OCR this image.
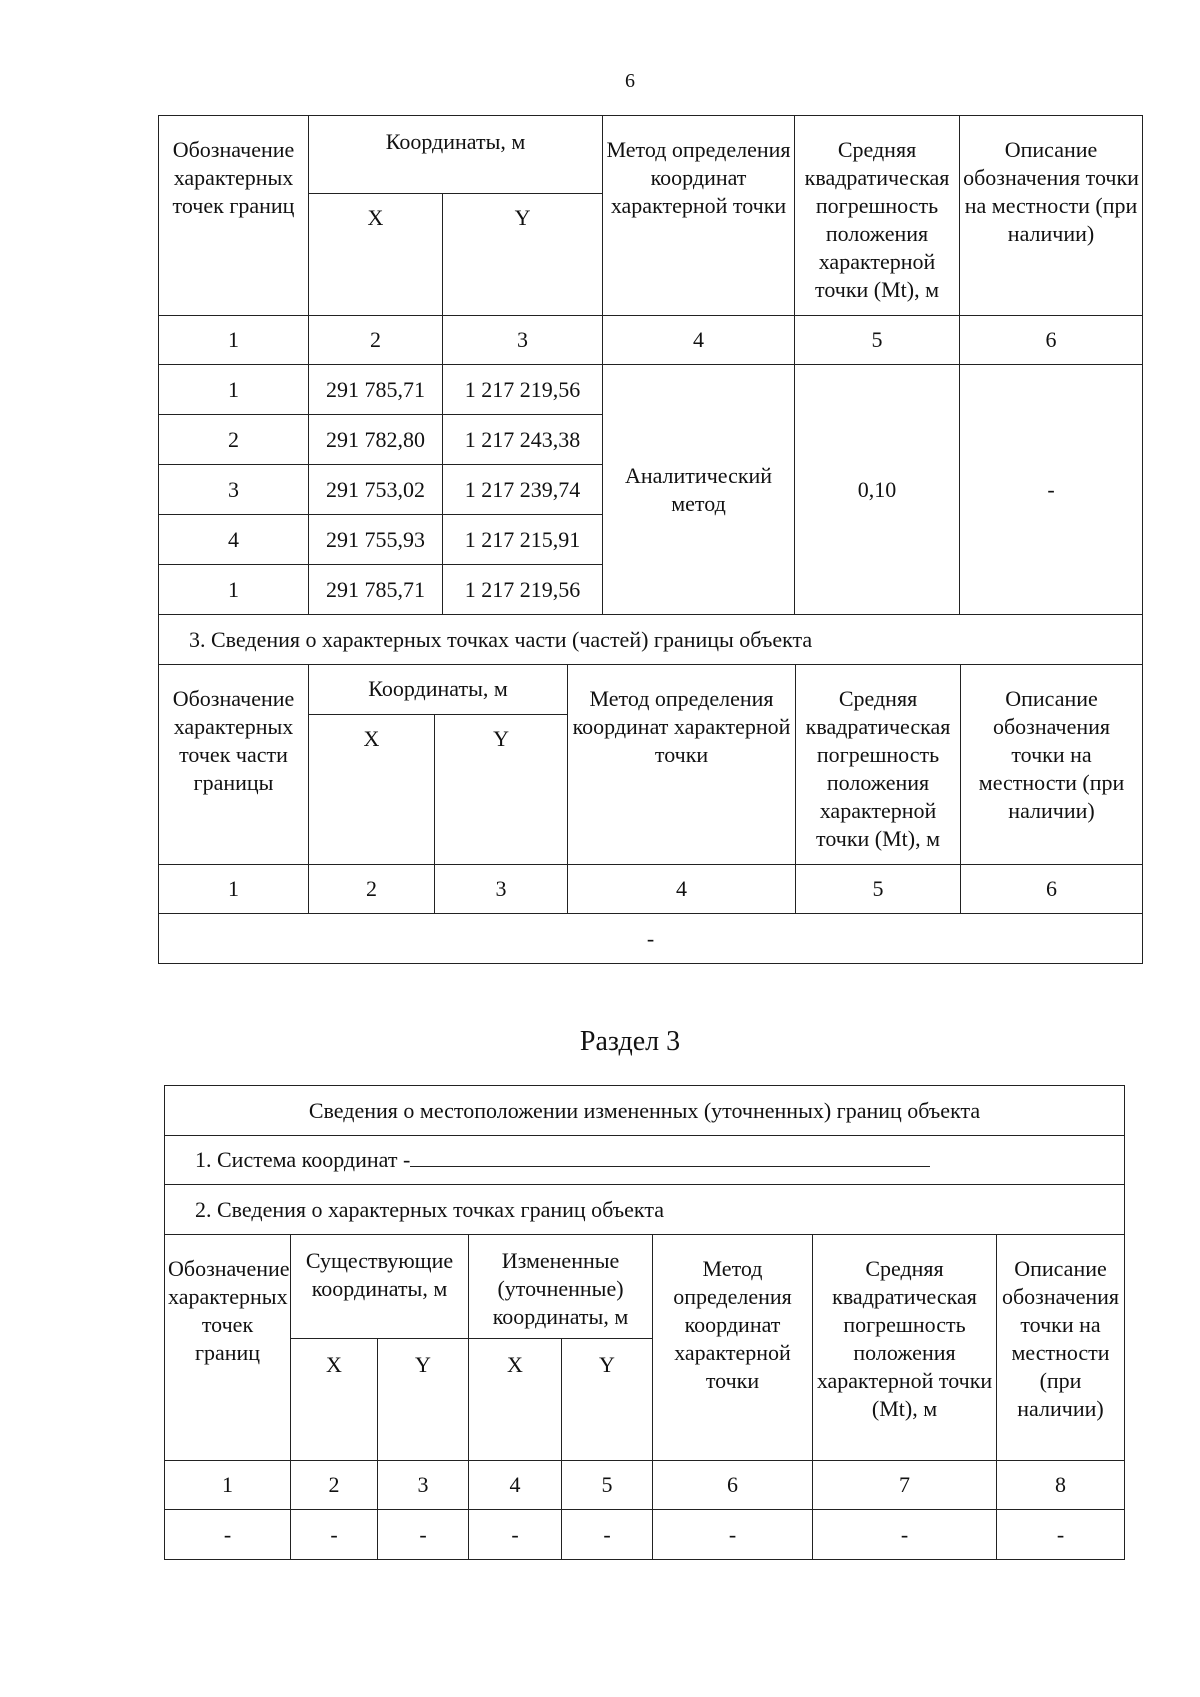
6
Обозначение характерных точек границ	Координаты, м		Метод определения координат характерной точки	Средняя квадратическая погрешность положения характерной точки (Mt), м	Описание обозначения точки на местности (при наличии)
	X	Y			
1	2	3	4	5	6
1	291 785,71	1 217 219,56	Аналитический метод	0,10	-
2	291 782,80	1 217 243,38			
3	291 753,02	1 217 239,74			
4	291 755,93	1 217 215,91			
1	291 785,71	1 217 219,56			
3. Сведения о характерных точках части (частей) границы объекта					
Обозначение характерных точек части границы	Координаты, м		Метод определения координат характерной точки	Средняя квадратическая погрешность положения характерной точки (Mt), м	Описание обозначения точки на местности (при наличии)
	X	Y			
1	2	3	4	5	6
-					
Раздел 3
Сведения о местоположении измененных (уточненных) границ объекта							
1. Система координат -							
2. Сведения о характерных точках границ объекта							
Обозначение характерных точек границ	Существующие координаты, м		Измененные (уточненные) координаты, м		Метод определения координат характерной точки	Средняя квадратическая погрешность положения характерной точки (Mt), м	Описание обозначения точки на местности (при наличии)
	X	Y	X	Y			
1	2	3	4	5	6	7	8
-	-	-	-	-	-	-	-
